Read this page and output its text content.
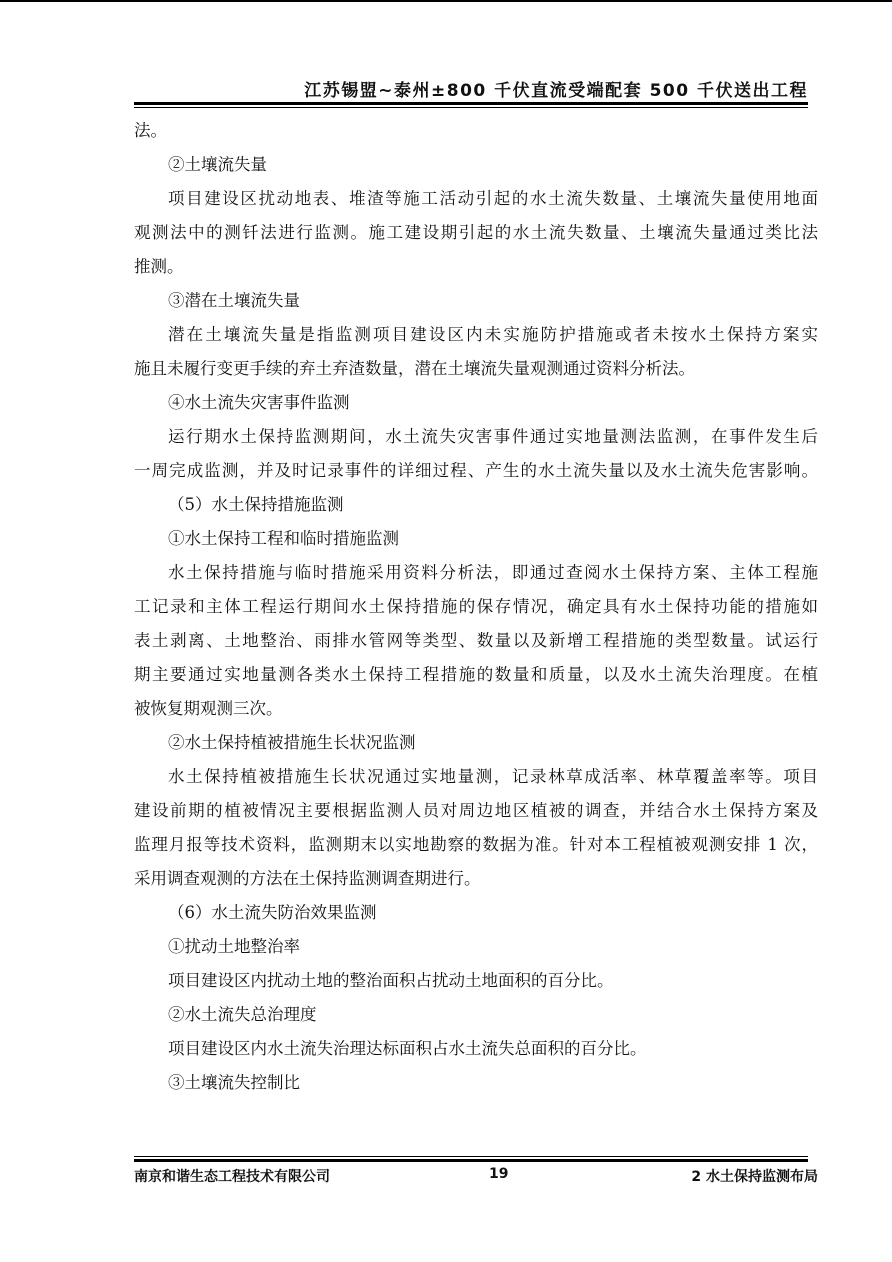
江苏锡盟~泰州±800 千伏直流受端配套 500 千伏送出工程
法。
②土壤流失量
项目建设区扰动地表、堆渣等施工活动引起的水土流失数量、土壤流失量使用地面
观测法中的测钎法进行监测。施工建设期引起的水土流失数量、土壤流失量通过类比法
推测。
③潜在土壤流失量
潜在土壤流失量是指监测项目建设区内未实施防护措施或者未按水土保持方案实
施且未履行变更手续的弃土弃渣数量，潜在土壤流失量观测通过资料分析法。
④水土流失灾害事件监测
运行期水土保持监测期间，水土流失灾害事件通过实地量测法监测，在事件发生后
一周完成监测，并及时记录事件的详细过程、产生的水土流失量以及水土流失危害影响。
（5）水土保持措施监测
①水土保持工程和临时措施监测
水土保持措施与临时措施采用资料分析法，即通过查阅水土保持方案、主体工程施
工记录和主体工程运行期间水土保持措施的保存情况，确定具有水土保持功能的措施如
表土剥离、土地整治、雨排水管网等类型、数量以及新增工程措施的类型数量。试运行
期主要通过实地量测各类水土保持工程措施的数量和质量，以及水土流失治理度。在植
被恢复期观测三次。
②水土保持植被措施生长状况监测
水土保持植被措施生长状况通过实地量测，记录林草成活率、林草覆盖率等。项目
建设前期的植被情况主要根据监测人员对周边地区植被的调查，并结合水土保持方案及
监理月报等技术资料，监测期末以实地勘察的数据为准。针对本工程植被观测安排 1 次，
采用调查观测的方法在土保持监测调查期进行。
（6）水土流失防治效果监测
①扰动土地整治率
项目建设区内扰动土地的整治面积占扰动土地面积的百分比。
②水土流失总治理度
项目建设区内水土流失治理达标面积占水土流失总面积的百分比。
③土壤流失控制比
南京和谐生态工程技术有限公司	19	2 水土保持监测布局
